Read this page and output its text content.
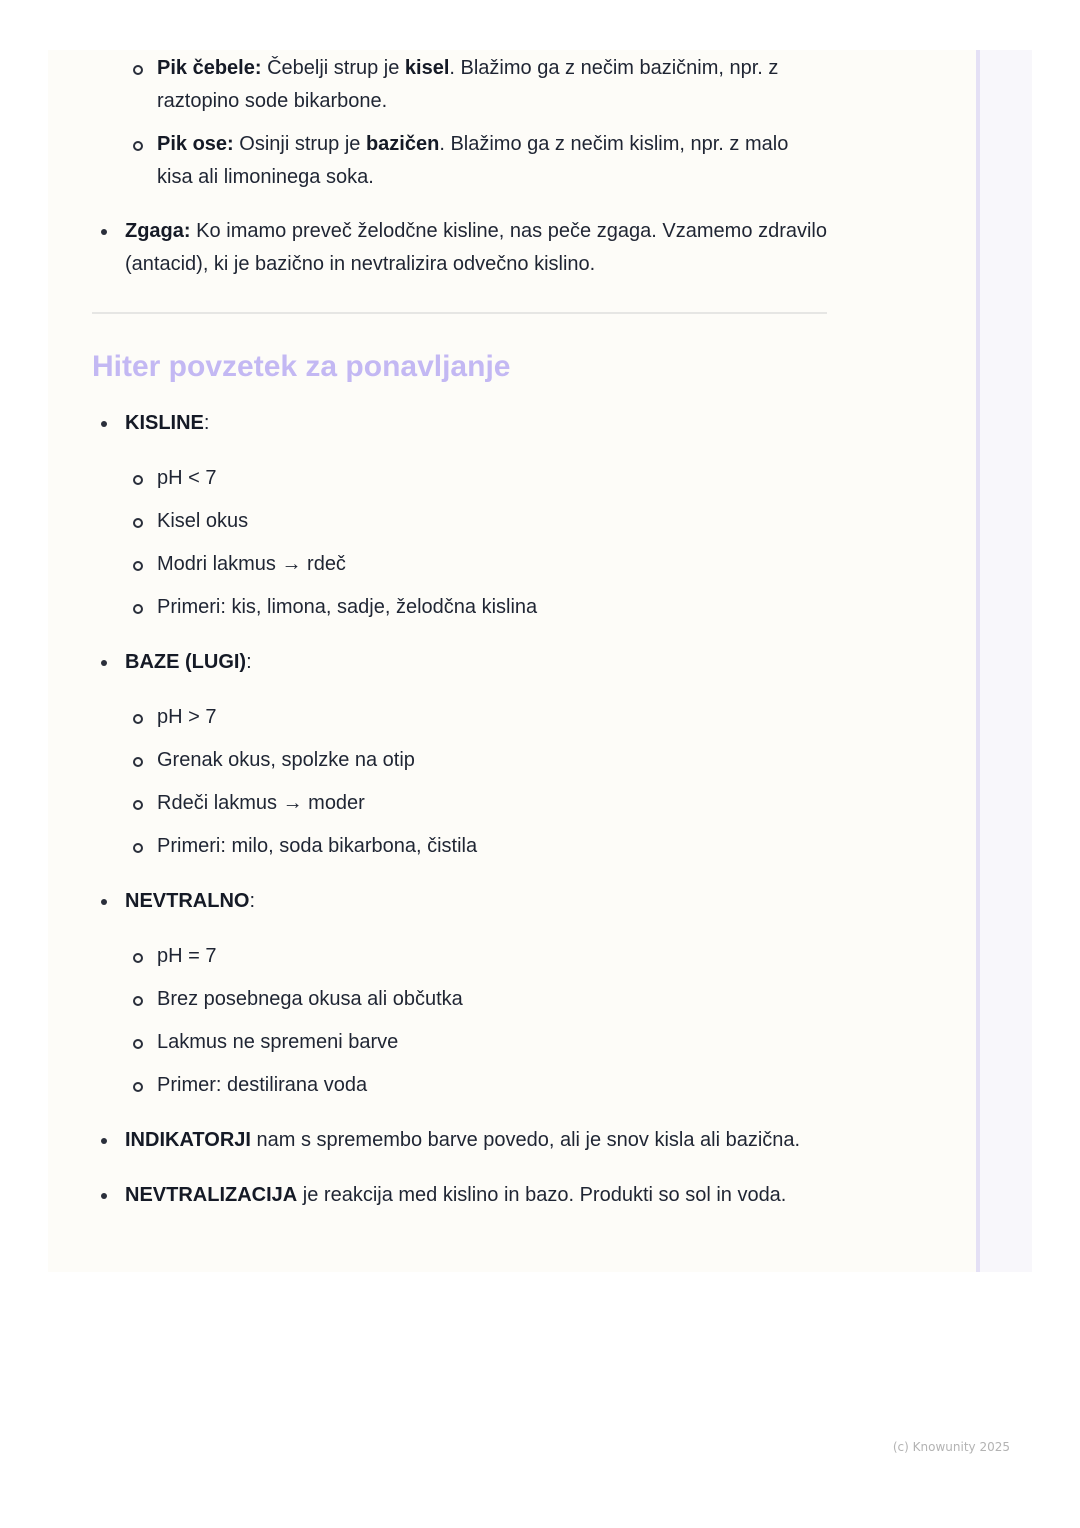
Pik čebele: Čebelji strup je kisel. Blažimo ga z nečim bazičnim, npr. z raztopino sode bikarbone.
Pik ose: Osinji strup je bazičen. Blažimo ga z nečim kislim, npr. z malo kisa ali limoninega soka.
Zgaga: Ko imamo preveč želodčne kisline, nas peče zgaga. Vzamemo zdravilo (antacid), ki je bazično in nevtralizira odvečno kislino.
Hiter povzetek za ponavljanje
KISLINE:
pH < 7
Kisel okus
Modri lakmus → rdeč
Primeri: kis, limona, sadje, želodčna kislina
BAZE (LUGI):
pH > 7
Grenak okus, spolzke na otip
Rdeči lakmus → moder
Primeri: milo, soda bikarbona, čistila
NEVTRALNO:
pH = 7
Brez posebnega okusa ali občutka
Lakmus ne spremeni barve
Primer: destilirana voda
INDIKATORJI nam s spremembo barve povedo, ali je snov kisla ali bazična.
NEVTRALIZACIJA je reakcija med kislino in bazo. Produkti so sol in voda.
(c) Knowunity 2025
